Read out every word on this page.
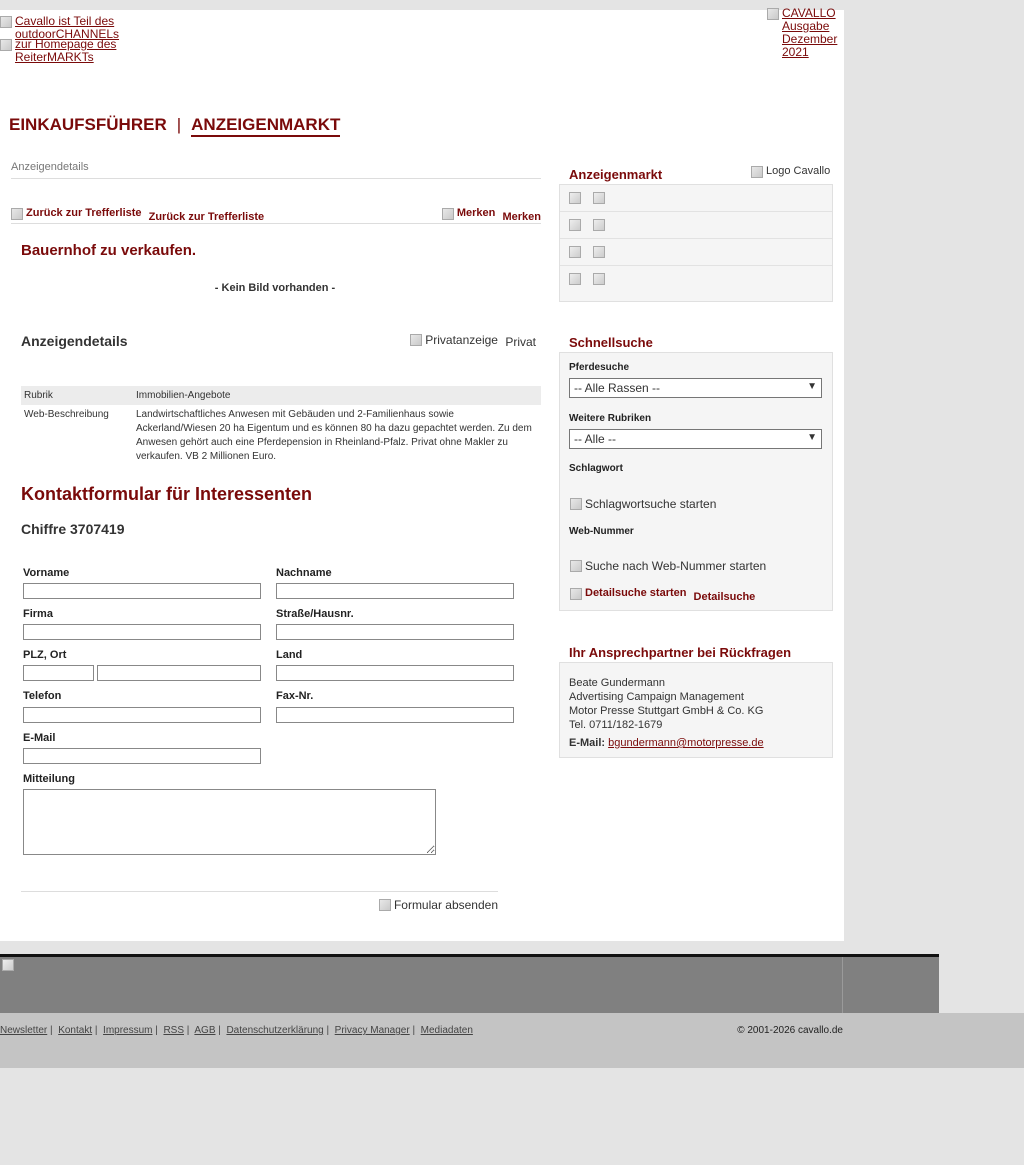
Cavallo ist Teil des outdoorCHANNELs

zur Homepage des ReiterMARKTs
CAVALLO Ausgabe Dezember 2021
EINKAUFSFÜHRER | ANZEIGENMARKT
Anzeigendetails
Zurück zur Trefferliste Zurück zur Trefferliste	Merken Merken
Bauernhof zu verkaufen.
- Kein Bild vorhanden -
Anzeigendetails	Privatanzeige Privat
Rubrik	Immobilien-Angebote
Web-Beschreibung	Landwirtschaftliches Anwesen mit Gebäuden und 2-Familienhaus sowie Ackerland/Wiesen 20 ha Eigentum und es können 80 ha dazu gepachtet werden. Zu dem Anwesen gehört auch eine Pferdepension in Rheinland-Pfalz. Privat ohne Makler zu verkaufen. VB 2 Millionen Euro.
Kontaktformular für Interessenten
Chiffre 3707419
Vorname	Nachname
Firma	Straße/Hausnr.
PLZ, Ort	Land
Telefon	Fax-Nr.
E-Mail
Mitteilung
Formular absenden
Anzeigenmarkt	Logo Cavallo
Schnellsuche
Pferdesuche
-- Alle Rassen --	▼
Weitere Rubriken
-- Alle --	▼
Schlagwort
Schlagwortsuche starten
Web-Nummer
Suche nach Web-Nummer starten
Detailsuche starten Detailsuche
Ihr Ansprechpartner bei Rückfragen
Beate Gundermann
Advertising Campaign Management
Motor Presse Stuttgart GmbH & Co. KG
Tel. 0711/182-1679
E-Mail: bgundermann@motorpresse.de
Newsletter |  Kontakt |  Impressum |  RSS |  AGB |  Datenschutzerklärung |  Privacy Manager |  Mediadaten	© 2001-2026 cavallo.de
